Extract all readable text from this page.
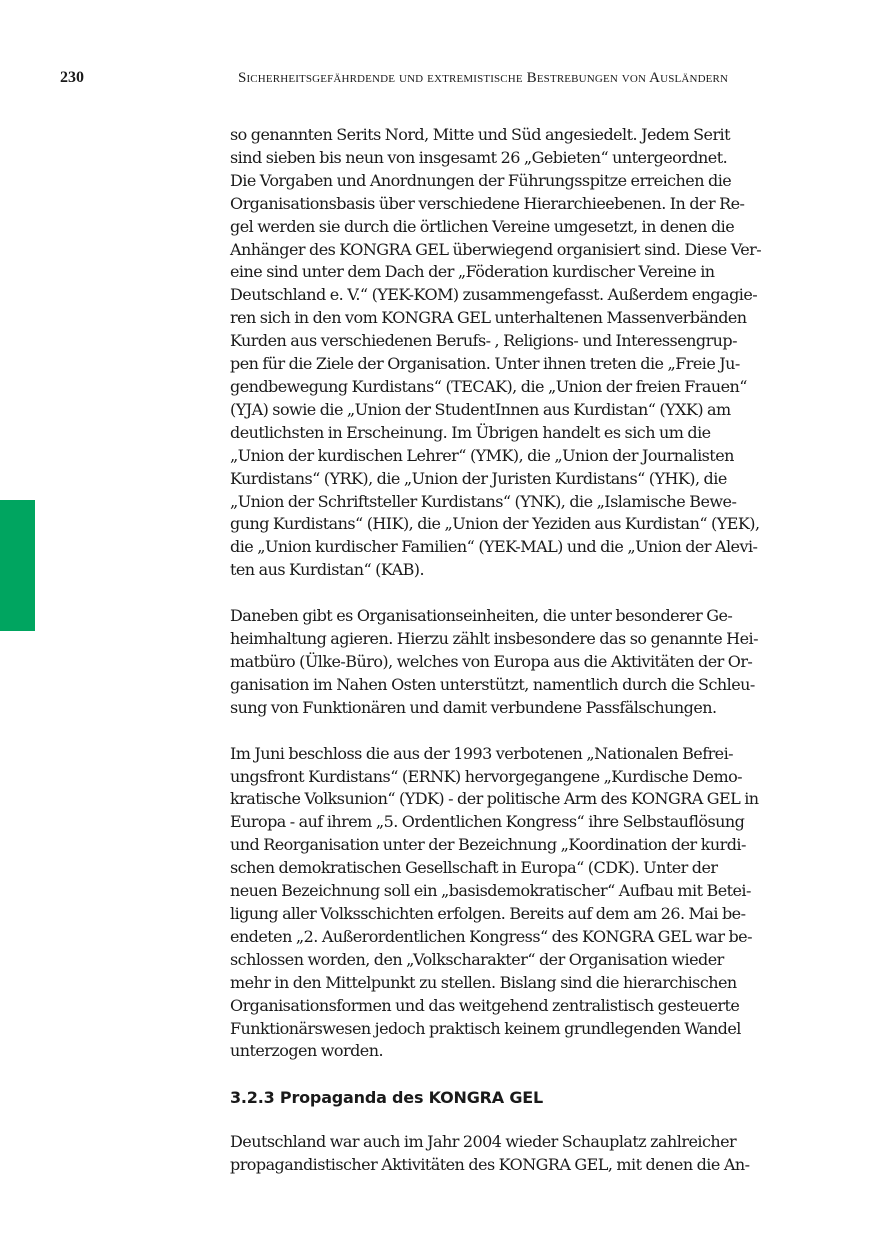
230	Sicherheitsgefährdende und extremistische Bestrebungen von Ausländern

so genannten Serits Nord, Mitte und Süd angesiedelt. Jedem Serit
sind sieben bis neun von insgesamt 26 „Gebieten“ untergeordnet.
Die Vorgaben und Anordnungen der Führungsspitze erreichen die
Organisationsbasis über verschiedene Hierarchieebenen. In der Re-
gel werden sie durch die örtlichen Vereine umgesetzt, in denen die
Anhänger des KONGRA GEL überwiegend organisiert sind. Diese Ver-
eine sind unter dem Dach der „Föderation kurdischer Vereine in
Deutschland e. V.“ (YEK-KOM) zusammengefasst. Außerdem engagie-
ren sich in den vom KONGRA GEL unterhaltenen Massenverbänden
Kurden aus verschiedenen Berufs- , Religions- und Interessengrup-
pen für die Ziele der Organisation. Unter ihnen treten die „Freie Ju-
gendbewegung Kurdistans“ (TECAK), die „Union der freien Frauen“
(YJA) sowie die „Union der StudentInnen aus Kurdistan“ (YXK) am
deutlichsten in Erscheinung. Im Übrigen handelt es sich um die
„Union der kurdischen Lehrer“ (YMK), die „Union der Journalisten
Kurdistans“ (YRK), die „Union der Juristen Kurdistans“ (YHK), die
„Union der Schriftsteller Kurdistans“ (YNK), die „Islamische Bewe-
gung Kurdistans“ (HIK), die „Union der Yeziden aus Kurdistan“ (YEK),
die „Union kurdischer Familien“ (YEK-MAL) und die „Union der Alevi-
ten aus Kurdistan“ (KAB).

Daneben gibt es Organisationseinheiten, die unter besonderer Ge-
heimhaltung agieren. Hierzu zählt insbesondere das so genannte Hei-
matbüro (Ülke-Büro), welches von Europa aus die Aktivitäten der Or-
ganisation im Nahen Osten unterstützt, namentlich durch die Schleu-
sung von Funktionären und damit verbundene Passfälschungen.

Im Juni beschloss die aus der 1993 verbotenen „Nationalen Befrei-
ungsfront Kurdistans“ (ERNK) hervorgegangene „Kurdische Demo-
kratische Volksunion“ (YDK) - der politische Arm des KONGRA GEL in
Europa - auf ihrem „5. Ordentlichen Kongress“ ihre Selbstauflösung
und Reorganisation unter der Bezeichnung „Koordination der kurdi-
schen demokratischen Gesellschaft in Europa“ (CDK). Unter der
neuen Bezeichnung soll ein „basisdemokratischer“ Aufbau mit Betei-
ligung aller Volksschichten erfolgen. Bereits auf dem am 26. Mai be-
endeten „2. Außerordentlichen Kongress“ des KONGRA GEL war be-
schlossen worden, den „Volkscharakter“ der Organisation wieder
mehr in den Mittelpunkt zu stellen. Bislang sind die hierarchischen
Organisationsformen und das weitgehend zentralistisch gesteuerte
Funktionärswesen jedoch praktisch keinem grundlegenden Wandel
unterzogen worden.

3.2.3 Propaganda des KONGRA GEL

Deutschland war auch im Jahr 2004 wieder Schauplatz zahlreicher
propagandistischer Aktivitäten des KONGRA GEL, mit denen die An-
